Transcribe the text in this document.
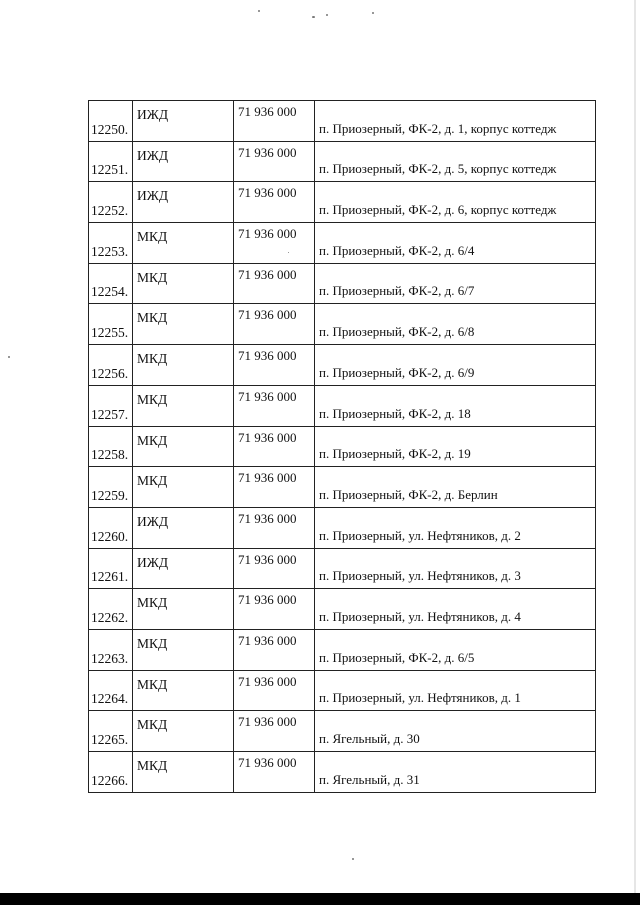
12250.	ИЖД	71 936 000	п. Приозерный, ФК-2, д. 1, корпус коттедж

12251.	ИЖД	71 936 000	п. Приозерный, ФК-2, д. 5, корпус коттедж

12252.	ИЖД	71 936 000	п. Приозерный, ФК-2, д. 6, корпус коттедж

12253.	МКД	71 936 000	п. Приозерный, ФК-2, д. 6/4

12254.	МКД	71 936 000	п. Приозерный, ФК-2, д. 6/7

12255.	МКД	71 936 000	п. Приозерный, ФК-2, д. 6/8

12256.	МКД	71 936 000	п. Приозерный, ФК-2, д. 6/9

12257.	МКД	71 936 000	п. Приозерный, ФК-2, д. 18

12258.	МКД	71 936 000	п. Приозерный, ФК-2, д. 19

12259.	МКД	71 936 000	п. Приозерный, ФК-2, д. Берлин

12260.	ИЖД	71 936 000	п. Приозерный, ул. Нефтяников, д. 2

12261.	ИЖД	71 936 000	п. Приозерный, ул. Нефтяников, д. 3

12262.	МКД	71 936 000	п. Приозерный, ул. Нефтяников, д. 4

12263.	МКД	71 936 000	п. Приозерный, ФК-2, д. 6/5

12264.	МКД	71 936 000	п. Приозерный, ул. Нефтяников, д. 1

12265.	МКД	71 936 000	п. Ягельный, д. 30

12266.	МКД	71 936 000	п. Ягельный, д. 31
